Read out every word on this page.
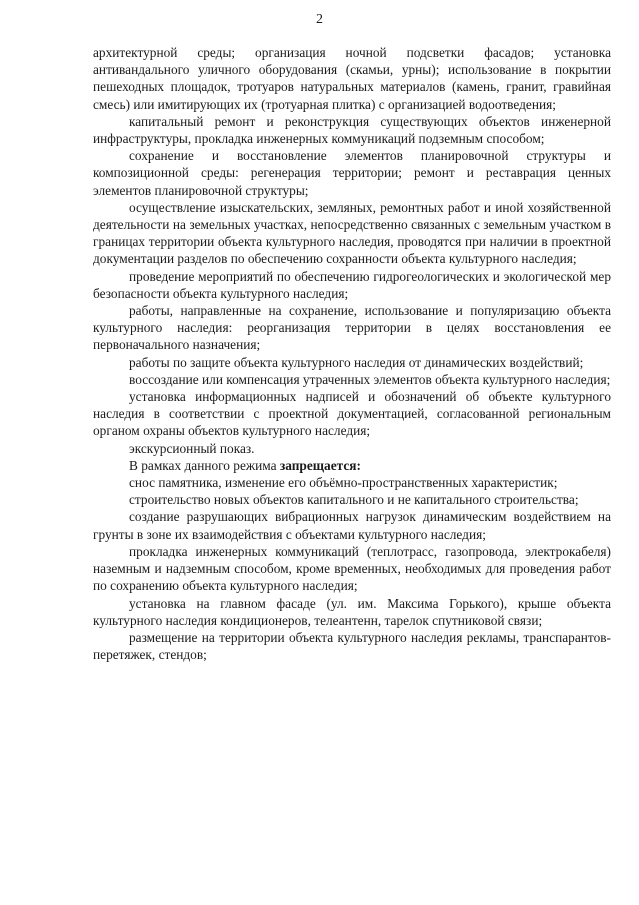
2

архитектурной среды; организация ночной подсветки фасадов; установка антивандального уличного оборудования (скамьи, урны); использование в покрытии пешеходных площадок, тротуаров натуральных материалов (камень, гранит, гравийная смесь) или имитирующих их (тротуарная плитка) с организацией водоотведения;

капитальный ремонт и реконструкция существующих объектов инженерной инфраструктуры, прокладка инженерных коммуникаций подземным способом;

сохранение и восстановление элементов планировочной структуры и композиционной среды: регенерация территории; ремонт и реставрация ценных элементов планировочной структуры;

осуществление изыскательских, земляных, ремонтных работ и иной хозяйственной деятельности на земельных участках, непосредственно связанных с земельным участком в границах территории объекта культурного наследия, проводятся при наличии в проектной документации разделов по обеспечению сохранности объекта культурного наследия;

проведение мероприятий по обеспечению гидрогеологических и экологической мер безопасности объекта культурного наследия;

работы, направленные на сохранение, использование и популяризацию объекта культурного наследия: реорганизация территории в целях восстановления ее первоначального назначения;

работы по защите объекта культурного наследия от динамических воздействий;

воссоздание или компенсация утраченных элементов объекта культурного наследия;

установка информационных надписей и обозначений об объекте культурного наследия в соответствии с проектной документацией, согласованной региональным органом охраны объектов культурного наследия;

экскурсионный показ.

В рамках данного режима запрещается:

снос памятника, изменение его объёмно-пространственных характеристик;

строительство новых объектов капитального и не капитального строительства;

создание разрушающих вибрационных нагрузок динамическим воздействием на грунты в зоне их взаимодействия с объектами культурного наследия;

прокладка инженерных коммуникаций (теплотрасс, газопровода, электрокабеля) наземным и надземным способом, кроме временных, необходимых для проведения работ по сохранению объекта культурного наследия;

установка на главном фасаде (ул. им. Максима Горького), крыше объекта культурного наследия кондиционеров, телеантенн, тарелок спутниковой связи;

размещение на территории объекта культурного наследия рекламы, транспарантов-перетяжек, стендов;
